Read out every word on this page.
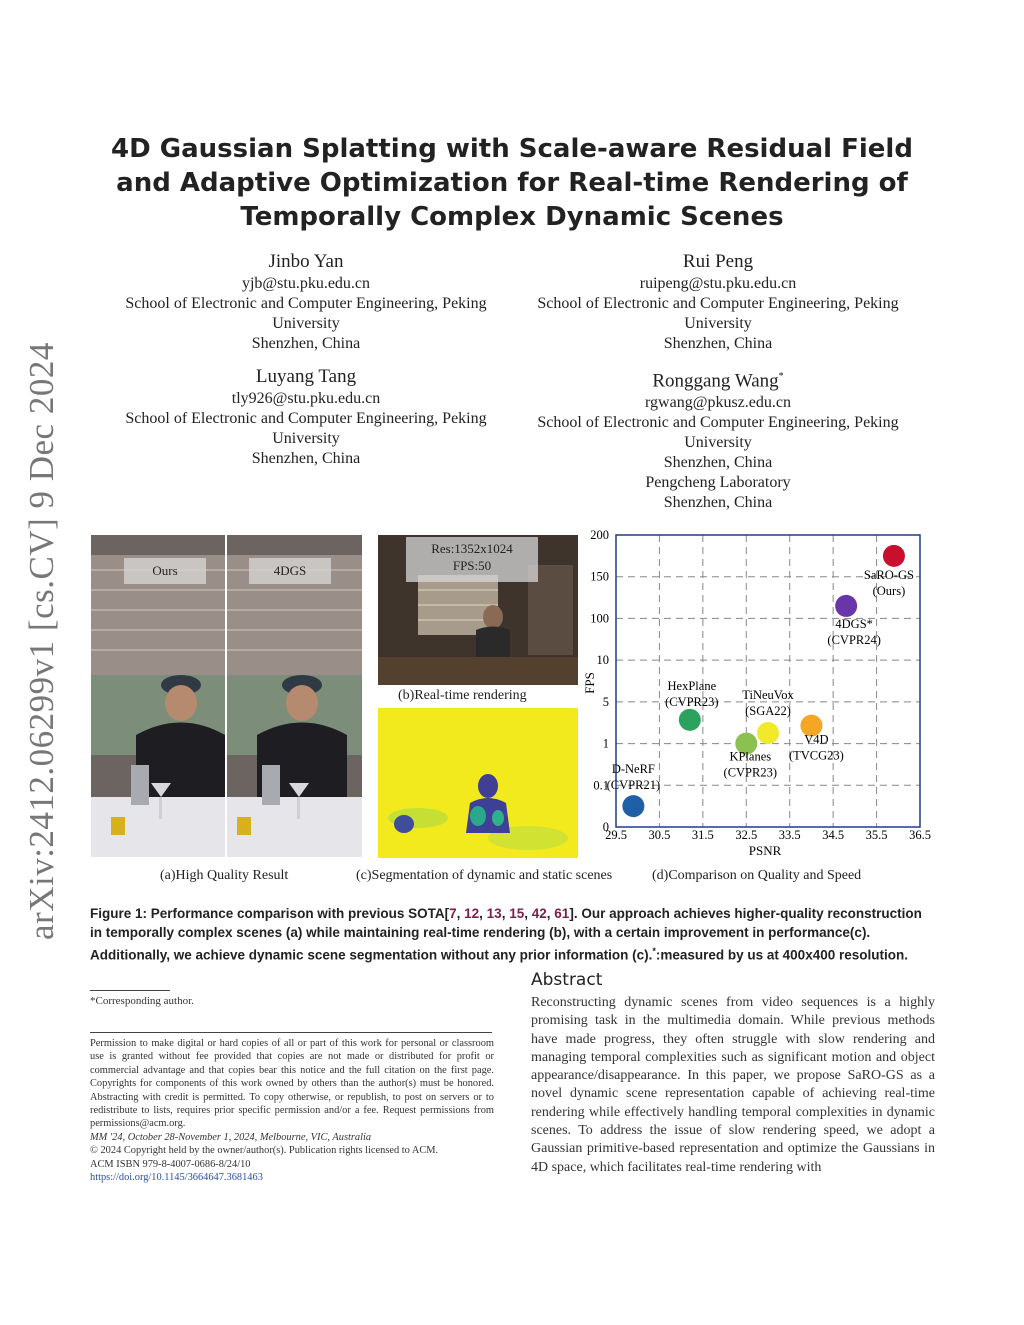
arXiv:2412.06299v1 [cs.CV] 9 Dec 2024
4D Gaussian Splatting with Scale-aware Residual Field and Adaptive Optimization for Real-time Rendering of Temporally Complex Dynamic Scenes
Jinbo Yan
yjb@stu.pku.edu.cn
School of Electronic and Computer Engineering, Peking University
Shenzhen, China
Rui Peng
ruipeng@stu.pku.edu.cn
School of Electronic and Computer Engineering, Peking University
Shenzhen, China
Luyang Tang
tly926@stu.pku.edu.cn
School of Electronic and Computer Engineering, Peking University
Shenzhen, China
Ronggang Wang*
rgwang@pkusz.edu.cn
School of Electronic and Computer Engineering, Peking University
Shenzhen, China
Pengcheng Laboratory
Shenzhen, China
Ours	4DGS
Res:1352x1024
FPS:50
(b)Real-time rendering
29.5 30.5 31.5 32.5 33.5 34.5 35.5 36.5
0
0.1
1
5
10
100
150
200
D-NeRF
(CVPR21)
HexPlane
(CVPR23)
KPlanes
(CVPR23)
TiNeuVox
(SGA22)
V4D
(TVCG23)
4DGS*
(CVPR24)
SaRO-GS
(Ours)
PSNR
FPS
(a)High Quality Result	(c)Segmentation of dynamic and static scenes	(d)Comparison on Quality and Speed
Figure 1: Performance comparison with previous SOTA[7, 12, 13, 15, 42, 61]. Our approach achieves higher-quality reconstruction in temporally complex scenes (a) while maintaining real-time rendering (b), with a certain improvement in performance(c). Additionally, we achieve dynamic scene segmentation without any prior information (c).*:measured by us at 400x400 resolution.
*Corresponding author.
Permission to make digital or hard copies of all or part of this work for personal or classroom use is granted without fee provided that copies are not made or distributed for profit or commercial advantage and that copies bear this notice and the full citation on the first page. Copyrights for components of this work owned by others than the author(s) must be honored. Abstracting with credit is permitted. To copy otherwise, or republish, to post on servers or to redistribute to lists, requires prior specific permission and/or a fee. Request permissions from permissions@acm.org.
MM '24, October 28-November 1, 2024, Melbourne, VIC, Australia
© 2024 Copyright held by the owner/author(s). Publication rights licensed to ACM.
ACM ISBN 979-8-4007-0686-8/24/10
https://doi.org/10.1145/3664647.3681463
Abstract
Reconstructing dynamic scenes from video sequences is a highly promising task in the multimedia domain. While previous methods have made progress, they often struggle with slow rendering and managing temporal complexities such as significant motion and object appearance/disappearance. In this paper, we propose SaRO-GS as a novel dynamic scene representation capable of achieving real-time rendering while effectively handling temporal complexities in dynamic scenes. To address the issue of slow rendering speed, we adopt a Gaussian primitive-based representation and optimize the Gaussians in 4D space, which facilitates real-time rendering with
